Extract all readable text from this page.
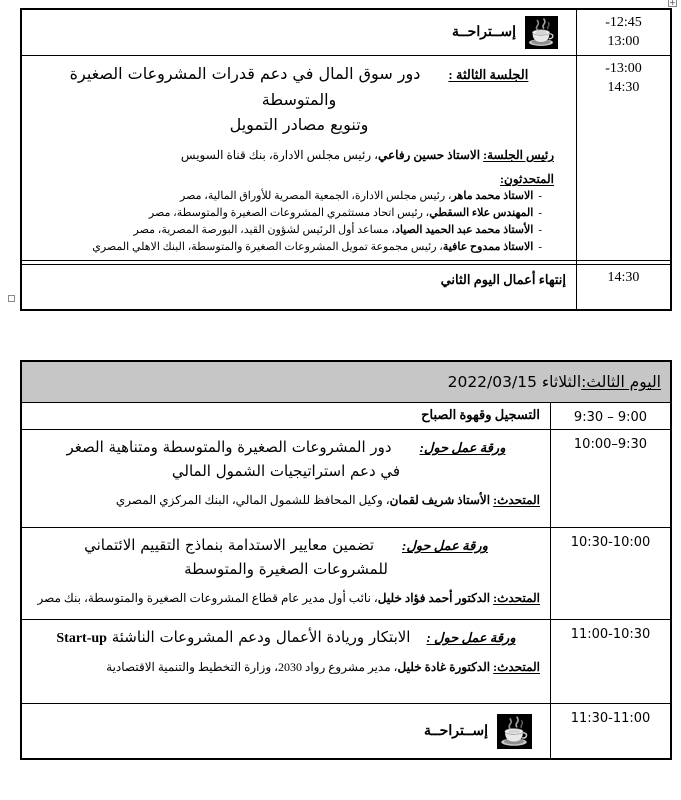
إســتراحــة
-12:45
13:00
الجلسة الثالثة :دور سوق المال في دعم قدرات المشروعات الصغيرة والمتوسطة
وتنويع مصادر التمويل
رئيس الجلسة: الاستاذ حسين رفاعي، رئيس مجلس الادارة، بنك قناة السويس
المتحدثون:
-الاستاذ محمد ماهر، رئيس مجلس الادارة، الجمعية المصرية للأوراق المالية، مصر
-المهندس علاء السقطي، رئيس اتحاد مستثمري المشروعات الصغيرة والمتوسطة، مصر
-الأستاذ محمد عبد الحميد الصياد، مساعد أول الرئيس لشؤون القيد، البورصة المصرية، مصر
-الاستاذ ممدوح عافية، رئيس مجموعة تمويل المشروعات الصغيرة والمتوسطة، البنك الاهلي المصري
-13:00
14:30
إنتهاء أعمال اليوم الثاني	14:30
+
اليوم الثالث:
الثلاثاء 2022/03/15
التسجيل وقهوة الصباح	9:30 – 9:00
ورقة عمل حول:دور المشروعات الصغيرة والمتوسطة ومتناهية الصغر
في دعم استراتيجيات الشمول المالي
المتحدث: الأستاذ شريف لقمان، وكيل المحافظ للشمول المالي، البنك المركزي المصري
10:00–9:30
ورقة عمل حول:تضمين معايير الاستدامة بنماذج التقييم الائتماني
للمشروعات الصغيرة والمتوسطة
المتحدث: الدكتور أحمد فؤاد خليل، نائب أول مدير عام قطاع المشروعات الصغيرة والمتوسطة، بنك مصر
10:30-10:00
ورقة عمل حول :الابتكار وريادة الأعمال ودعم المشروعات الناشئة Start-up
المتحدث: الدكتورة غادة خليل، مدير مشروع رواد 2030، وزارة التخطيط والتنمية الاقتصادية
11:00-10:30
إســتراحــة
11:30-11:00
